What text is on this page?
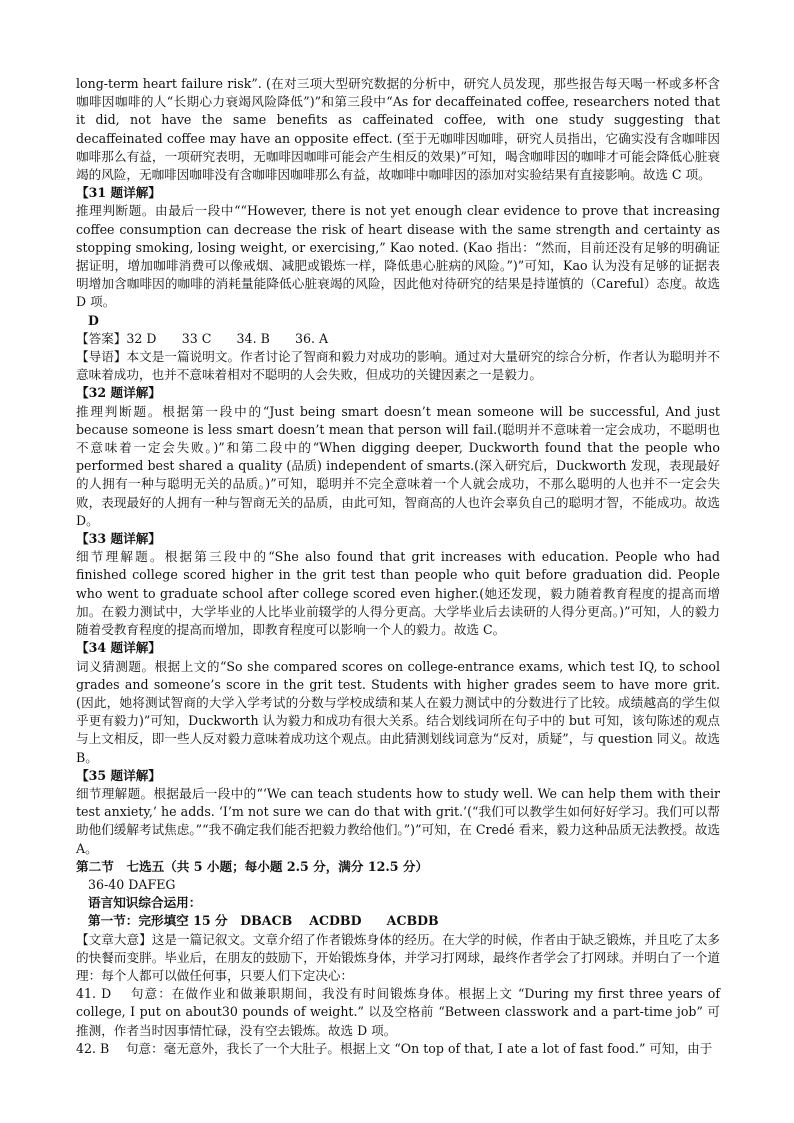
long-term heart failure risk”. (在对三项大型研究数据的分析中，研究人员发现，那些报告每天喝一杯或多杯含咖啡因咖啡的人“长期心力衰竭风险降低”)”和第三段中“As for decaffeinated coffee, researchers noted that it did, not have the same benefits as caffeinated coffee, with one study suggesting that decaffeinated coffee may have an opposite effect. (至于无咖啡因咖啡，研究人员指出，它确实没有含咖啡因咖啡那么有益，一项研究表明，无咖啡因咖啡可能会产生相反的效果)”可知，喝含咖啡因的咖啡才可能会降低心脏衰竭的风险，无咖啡因咖啡没有含咖啡因咖啡那么有益，故咖啡中咖啡因的添加对实验结果有直接影响。故选 C 项。

【31 题详解】

推理判断题。由最后一段中““However, there is not yet enough clear evidence to prove that increasing coffee consumption can decrease the risk of heart disease with the same strength and certainty as stopping smoking, losing weight, or exercising,” Kao noted. (Kao 指出：“然而，目前还没有足够的明确证据证明，增加咖啡消费可以像戒烟、减肥或锻炼一样，降低患心脏病的风险。”)”可知，Kao 认为没有足够的证据表明增加含咖啡因的咖啡的消耗量能降低心脏衰竭的风险，因此他对待研究的结果是持谨慎的（Careful）态度。故选 D 项。

D

【答案】32 D　　33 C　　34. B　　36. A

【导语】本文是一篇说明文。作者讨论了智商和毅力对成功的影响。通过对大量研究的综合分析，作者认为聪明并不意味着成功，也并不意味着相对不聪明的人会失败，但成功的关键因素之一是毅力。

【32 题详解】

推理判断题。根据第一段中的“Just being smart doesn’t mean someone will be successful, And just because someone is less smart doesn’t mean that person will fail.(聪明并不意味着一定会成功，不聪明也不意味着一定会失败。)”和第二段中的“When digging deeper, Duckworth found that the people who performed best shared a quality (品质) independent of smarts.(深入研究后，Duckworth 发现，表现最好的人拥有一种与聪明无关的品质。)”可知，聪明并不完全意味着一个人就会成功，不那么聪明的人也并不一定会失败，表现最好的人拥有一种与智商无关的品质，由此可知，智商高的人也许会辜负自己的聪明才智，不能成功。故选 D。

【33 题详解】

细节理解题。根据第三段中的“She also found that grit increases with education. People who had finished college scored higher in the grit test than people who quit before graduation did. People who went to graduate school after college scored even higher.(她还发现，毅力随着教育程度的提高而增加。在毅力测试中，大学毕业的人比毕业前辍学的人得分更高。大学毕业后去读研的人得分更高。)”可知，人的毅力随着受教育程度的提高而增加，即教育程度可以影响一个人的毅力。故选 C。

【34 题详解】

词义猜测题。根据上文的“So she compared scores on college-entrance exams, which test IQ, to school grades and someone’s score in the grit test. Students with higher grades seem to have more grit. (因此，她将测试智商的大学入学考试的分数与学校成绩和某人在毅力测试中的分数进行了比较。成绩越高的学生似乎更有毅力)”可知，Duckworth 认为毅力和成功有很大关系。结合划线词所在句子中的 but 可知，该句陈述的观点与上文相反，即一些人反对毅力意味着成功这个观点。由此猜测划线词意为“反对，质疑”，与 question 同义。故选 B。

【35 题详解】

细节理解题。根据最后一段中的“‘We can teach students how to study well. We can help them with their test anxiety,’ he adds. ‘I’m not sure we can do that with grit.’(“我们可以教学生如何好好学习。我们可以帮助他们缓解考试焦虑。”“我不确定我们能否把毅力教给他们。”)”可知，在 Credé 看来，毅力这种品质无法教授。故选 A。

第二节　七选五（共 5 小题；每小题 2.5 分，满分 12.5 分）

36-40 DAFEG

语言知识综合运用：

第一节：完形填空 15 分　DBACB　 ACDBD　　ACBDB

【文章大意】这是一篇记叙文。文章介绍了作者锻炼身体的经历。在大学的时候，作者由于缺乏锻炼，并且吃了太多的快餐而变胖。毕业后，在朋友的鼓励下，开始锻炼身体，并学习打网球，最终作者学会了打网球。并明白了一个道理：每个人都可以做任何事，只要人们下定决心：

41. D　 句意：在做作业和做兼职期间，我没有时间锻炼身体。根据上文 “During my first three years of college, I put on about30 pounds of weight.” 以及空格前 “Between classwork and a part-time job” 可推测，作者当时因事情忙碌，没有空去锻炼。故选 D 项。

42. B　 句意：毫无意外，我长了一个大肚子。根据上文 “On top of that, I ate a lot of fast food.” 可知，由于
